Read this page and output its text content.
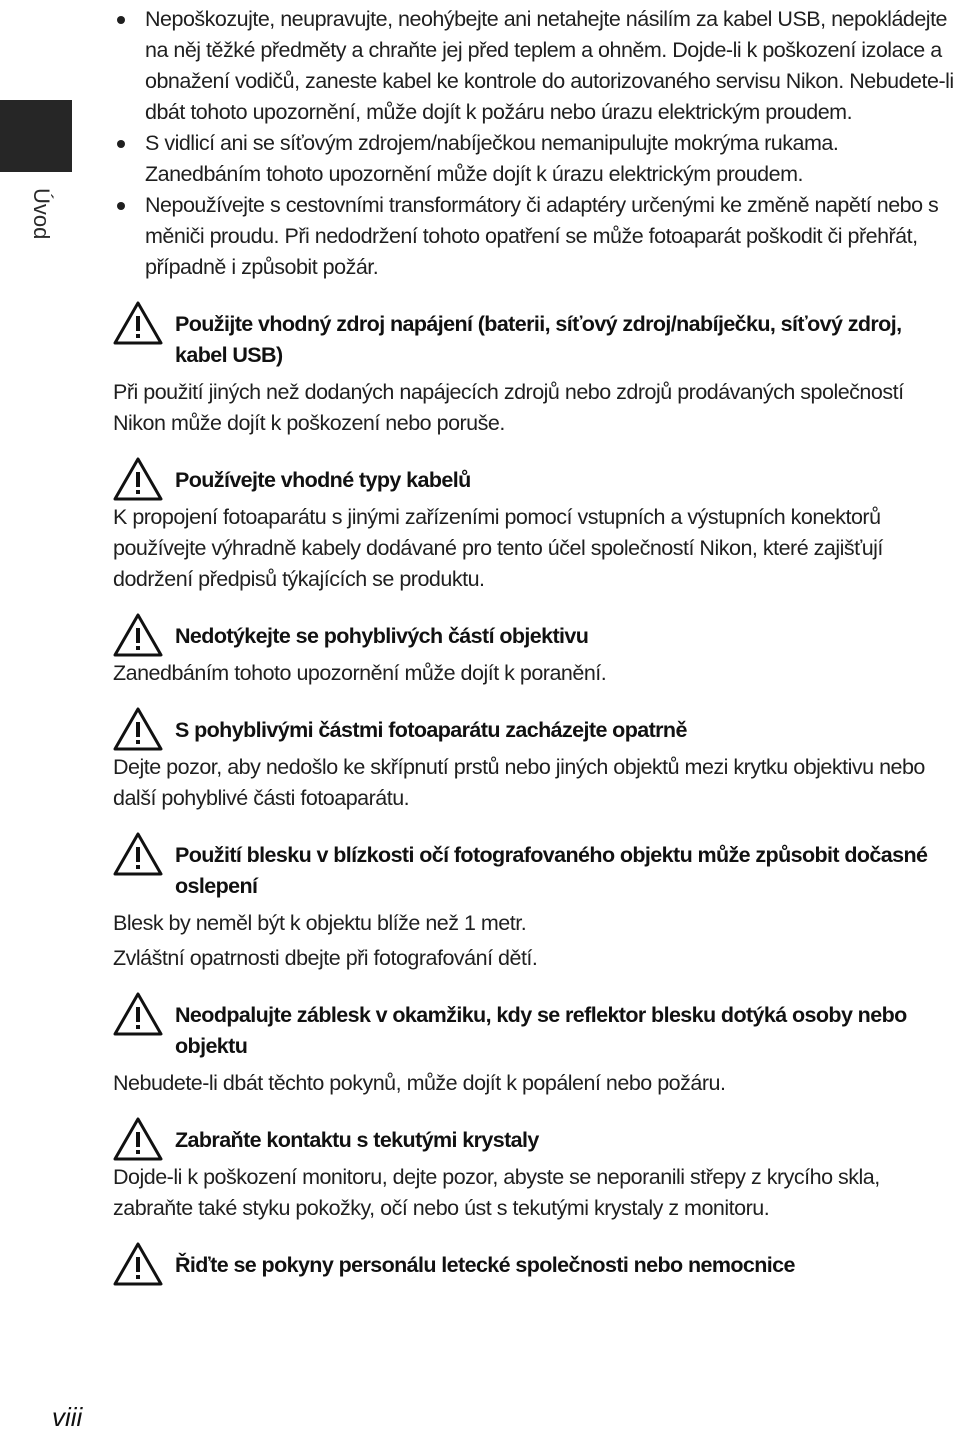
Úvod
Nepoškozujte, neupravujte, neohýbejte ani netahejte násilím za kabel USB, nepokládejte na něj těžké předměty a chraňte jej před teplem a ohněm. Dojde-li k poškození izolace a obnažení vodičů, zaneste kabel ke kontrole do autorizovaného servisu Nikon. Nebudete-li dbát tohoto upozornění, může dojít k požáru nebo úrazu elektrickým proudem.
S vidlicí ani se síťovým zdrojem/nabíječkou nemanipulujte mokrýma rukama. Zanedbáním tohoto upozornění může dojít k úrazu elektrickým proudem.
Nepoužívejte s cestovními transformátory či adaptéry určenými ke změně napětí nebo s měniči proudu. Při nedodržení tohoto opatření se může fotoaparát poškodit či přehřát, případně i způsobit požár.
Použijte vhodný zdroj napájení (baterii, síťový zdroj/nabíječku, síťový zdroj, kabel USB)
Při použití jiných než dodaných napájecích zdrojů nebo zdrojů prodávaných společností Nikon může dojít k poškození nebo poruše.
Používejte vhodné typy kabelů
K propojení fotoaparátu s jinými zařízeními pomocí vstupních a výstupních konektorů používejte výhradně kabely dodávané pro tento účel společností Nikon, které zajišťují dodržení předpisů týkajících se produktu.
Nedotýkejte se pohyblivých částí objektivu
Zanedbáním tohoto upozornění může dojít k poranění.
S pohyblivými částmi fotoaparátu zacházejte opatrně
Dejte pozor, aby nedošlo ke skřípnutí prstů nebo jiných objektů mezi krytku objektivu nebo další pohyblivé části fotoaparátu.
Použití blesku v blízkosti očí fotografovaného objektu může způsobit dočasné oslepení
Blesk by neměl být k objektu blíže než 1 metr.
Zvláštní opatrnosti dbejte při fotografování dětí.
Neodpalujte záblesk v okamžiku, kdy se reflektor blesku dotýká osoby nebo objektu
Nebudete-li dbát těchto pokynů, může dojít k popálení nebo požáru.
Zabraňte kontaktu s tekutými krystaly
Dojde-li k poškození monitoru, dejte pozor, abyste se neporanili střepy z krycího skla, zabraňte také styku pokožky, očí nebo úst s tekutými krystaly z monitoru.
Řiďte se pokyny personálu letecké společnosti nebo nemocnice
viii
